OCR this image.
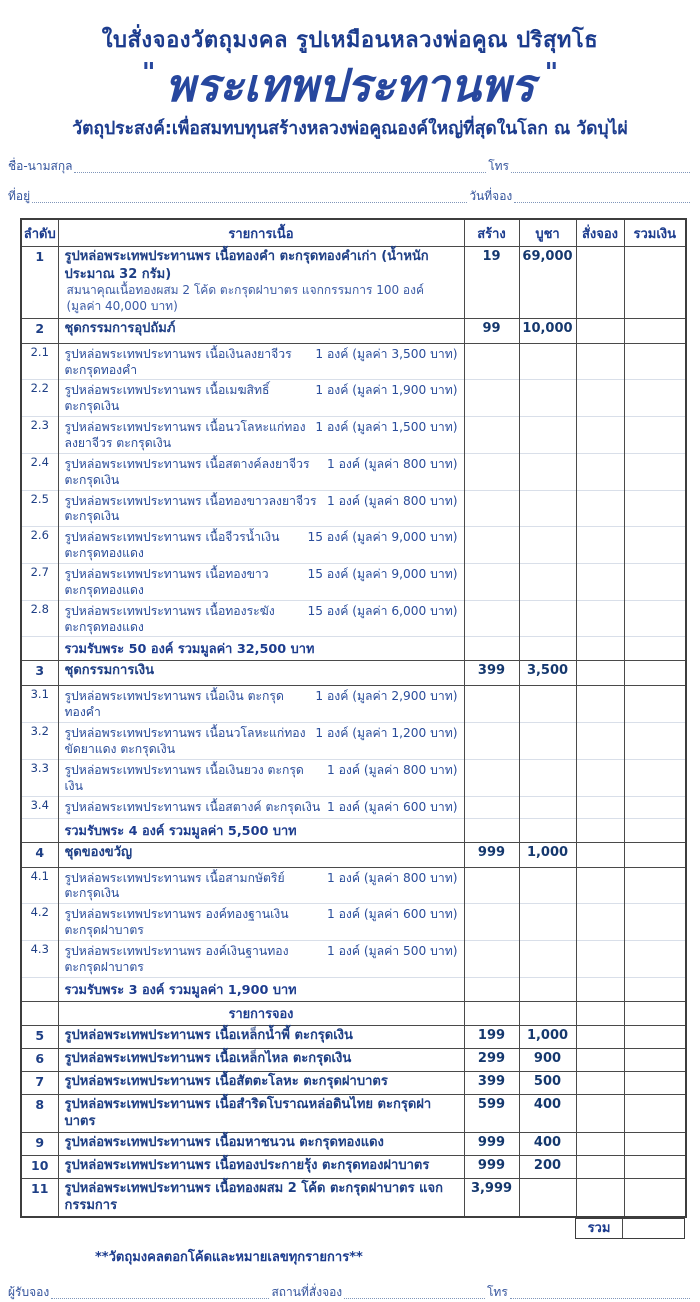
ใบสั่งจองวัตถุมงคล รูปเหมือนหลวงพ่อคูณ ปริสุทโธ
" พระเทพประทานพร "
วัตถุประสงค์:เพื่อสมทบทุนสร้างหลวงพ่อคูณองค์ใหญ่ที่สุดในโลก ณ วัดบุไผ่
ชื่อ-นามสกุล	โทร
ที่อยู่	วันที่จอง
ลำดับ	รายการเนื้อ	สร้าง	บูชา	สั่งจอง	รวมเงิน
1	รูปหล่อพระเทพประทานพร เนื้อทองคำ ตะกรุดทองคำเก่า (น้ำหนักประมาณ 32 กรัม)
สมนาคุณเนื้อทองผสม 2 โค้ด ตะกรุดฝาบาตร แจกกรรมการ 100 องค์ (มูลค่า 40,000 บาท)	19	69,000		
2	ชุดกรรมการอุปถัมภ์	99	10,000		
2.1	รูปหล่อพระเทพประทานพร เนื้อเงินลงยาจีวร ตะกรุดทองคำ
1 องค์ (มูลค่า 3,500 บาท)				

2.2	รูปหล่อพระเทพประทานพร เนื้อเมฆสิทธิ์ ตะกรุดเงิน
1 องค์ (มูลค่า 1,900 บาท)				

2.3	รูปหล่อพระเทพประทานพร เนื้อนวโลหะแก่ทองลงยาจีวร ตะกรุดเงิน
1 องค์ (มูลค่า 1,500 บาท)				

2.4	รูปหล่อพระเทพประทานพร เนื้อสตางค์ลงยาจีวร ตะกรุดเงิน
1 องค์ (มูลค่า 800 บาท)				

2.5	รูปหล่อพระเทพประทานพร เนื้อทองขาวลงยาจีวร ตะกรุดเงิน
1 องค์ (มูลค่า 800 บาท)				

2.6	รูปหล่อพระเทพประทานพร เนื้อจีวรน้ำเงิน ตะกรุดทองแดง
15 องค์ (มูลค่า 9,000 บาท)				

2.7	รูปหล่อพระเทพประทานพร เนื้อทองขาว ตะกรุดทองแดง
15 องค์ (มูลค่า 9,000 บาท)				

2.8	รูปหล่อพระเทพประทานพร เนื้อทองระฆัง ตะกรุดทองแดง
15 องค์ (มูลค่า 6,000 บาท)				

	รวมรับพระ 50 องค์ รวมมูลค่า 32,500 บาท				
3	ชุดกรรมการเงิน	399	3,500		
3.1	รูปหล่อพระเทพประทานพร เนื้อเงิน ตะกรุดทองคำ
1 องค์ (มูลค่า 2,900 บาท)				

3.2	รูปหล่อพระเทพประทานพร เนื้อนวโลหะแก่ทองขัดยาแดง ตะกรุดเงิน
1 องค์ (มูลค่า 1,200 บาท)				

3.3	รูปหล่อพระเทพประทานพร เนื้อเงินยวง ตะกรุดเงิน
1 องค์ (มูลค่า 800 บาท)				

3.4	รูปหล่อพระเทพประทานพร เนื้อสตางค์ ตะกรุดเงิน 1 องค์ (มูลค่า 600 บาท)				

	รวมรับพระ 4 องค์ รวมมูลค่า 5,500 บาท				
4	ชุดของขวัญ	999	1,000		
4.1	รูปหล่อพระเทพประทานพร เนื้อสามกษัตริย์ ตะกรุดเงิน
1 องค์ (มูลค่า 800 บาท)				

4.2	รูปหล่อพระเทพประทานพร องค์ทองฐานเงิน ตะกรุดฝาบาตร
1 องค์ (มูลค่า 600 บาท)				

4.3	รูปหล่อพระเทพประทานพร องค์เงินฐานทอง ตะกรุดฝาบาตร
1 องค์ (มูลค่า 500 บาท)				

	รวมรับพระ 3 องค์ รวมมูลค่า 1,900 บาท				
	รายการจอง				
5	รูปหล่อพระเทพประทานพร เนื้อเหล็กน้ำพี้ ตะกรุดเงิน	199	1,000		
6	รูปหล่อพระเทพประทานพร เนื้อเหล็กไหล ตะกรุดเงิน	299	900		
7	รูปหล่อพระเทพประทานพร เนื้อสัตตะโลหะ ตะกรุดฝาบาตร	399	500		
8	รูปหล่อพระเทพประทานพร เนื้อสำริดโบราณหล่อดินไทย ตะกรุดฝาบาตร	599	400		
9	รูปหล่อพระเทพประทานพร เนื้อมหาชนวน ตะกรุดทองแดง	999	400		
10	รูปหล่อพระเทพประทานพร เนื้อทองประกายรุ้ง ตะกรุดทองฝาบาตร	999	200		
11	รูปหล่อพระเทพประทานพร เนื้อทองผสม 2 โค้ด ตะกรุดฝาบาตร แจกกรรมการ	3,999			
รวม
**วัตถุมงคลตอกโค้ดและหมายเลขทุกรายการ**
ผู้รับจอง	สถานที่สั่งจอง	โทร
